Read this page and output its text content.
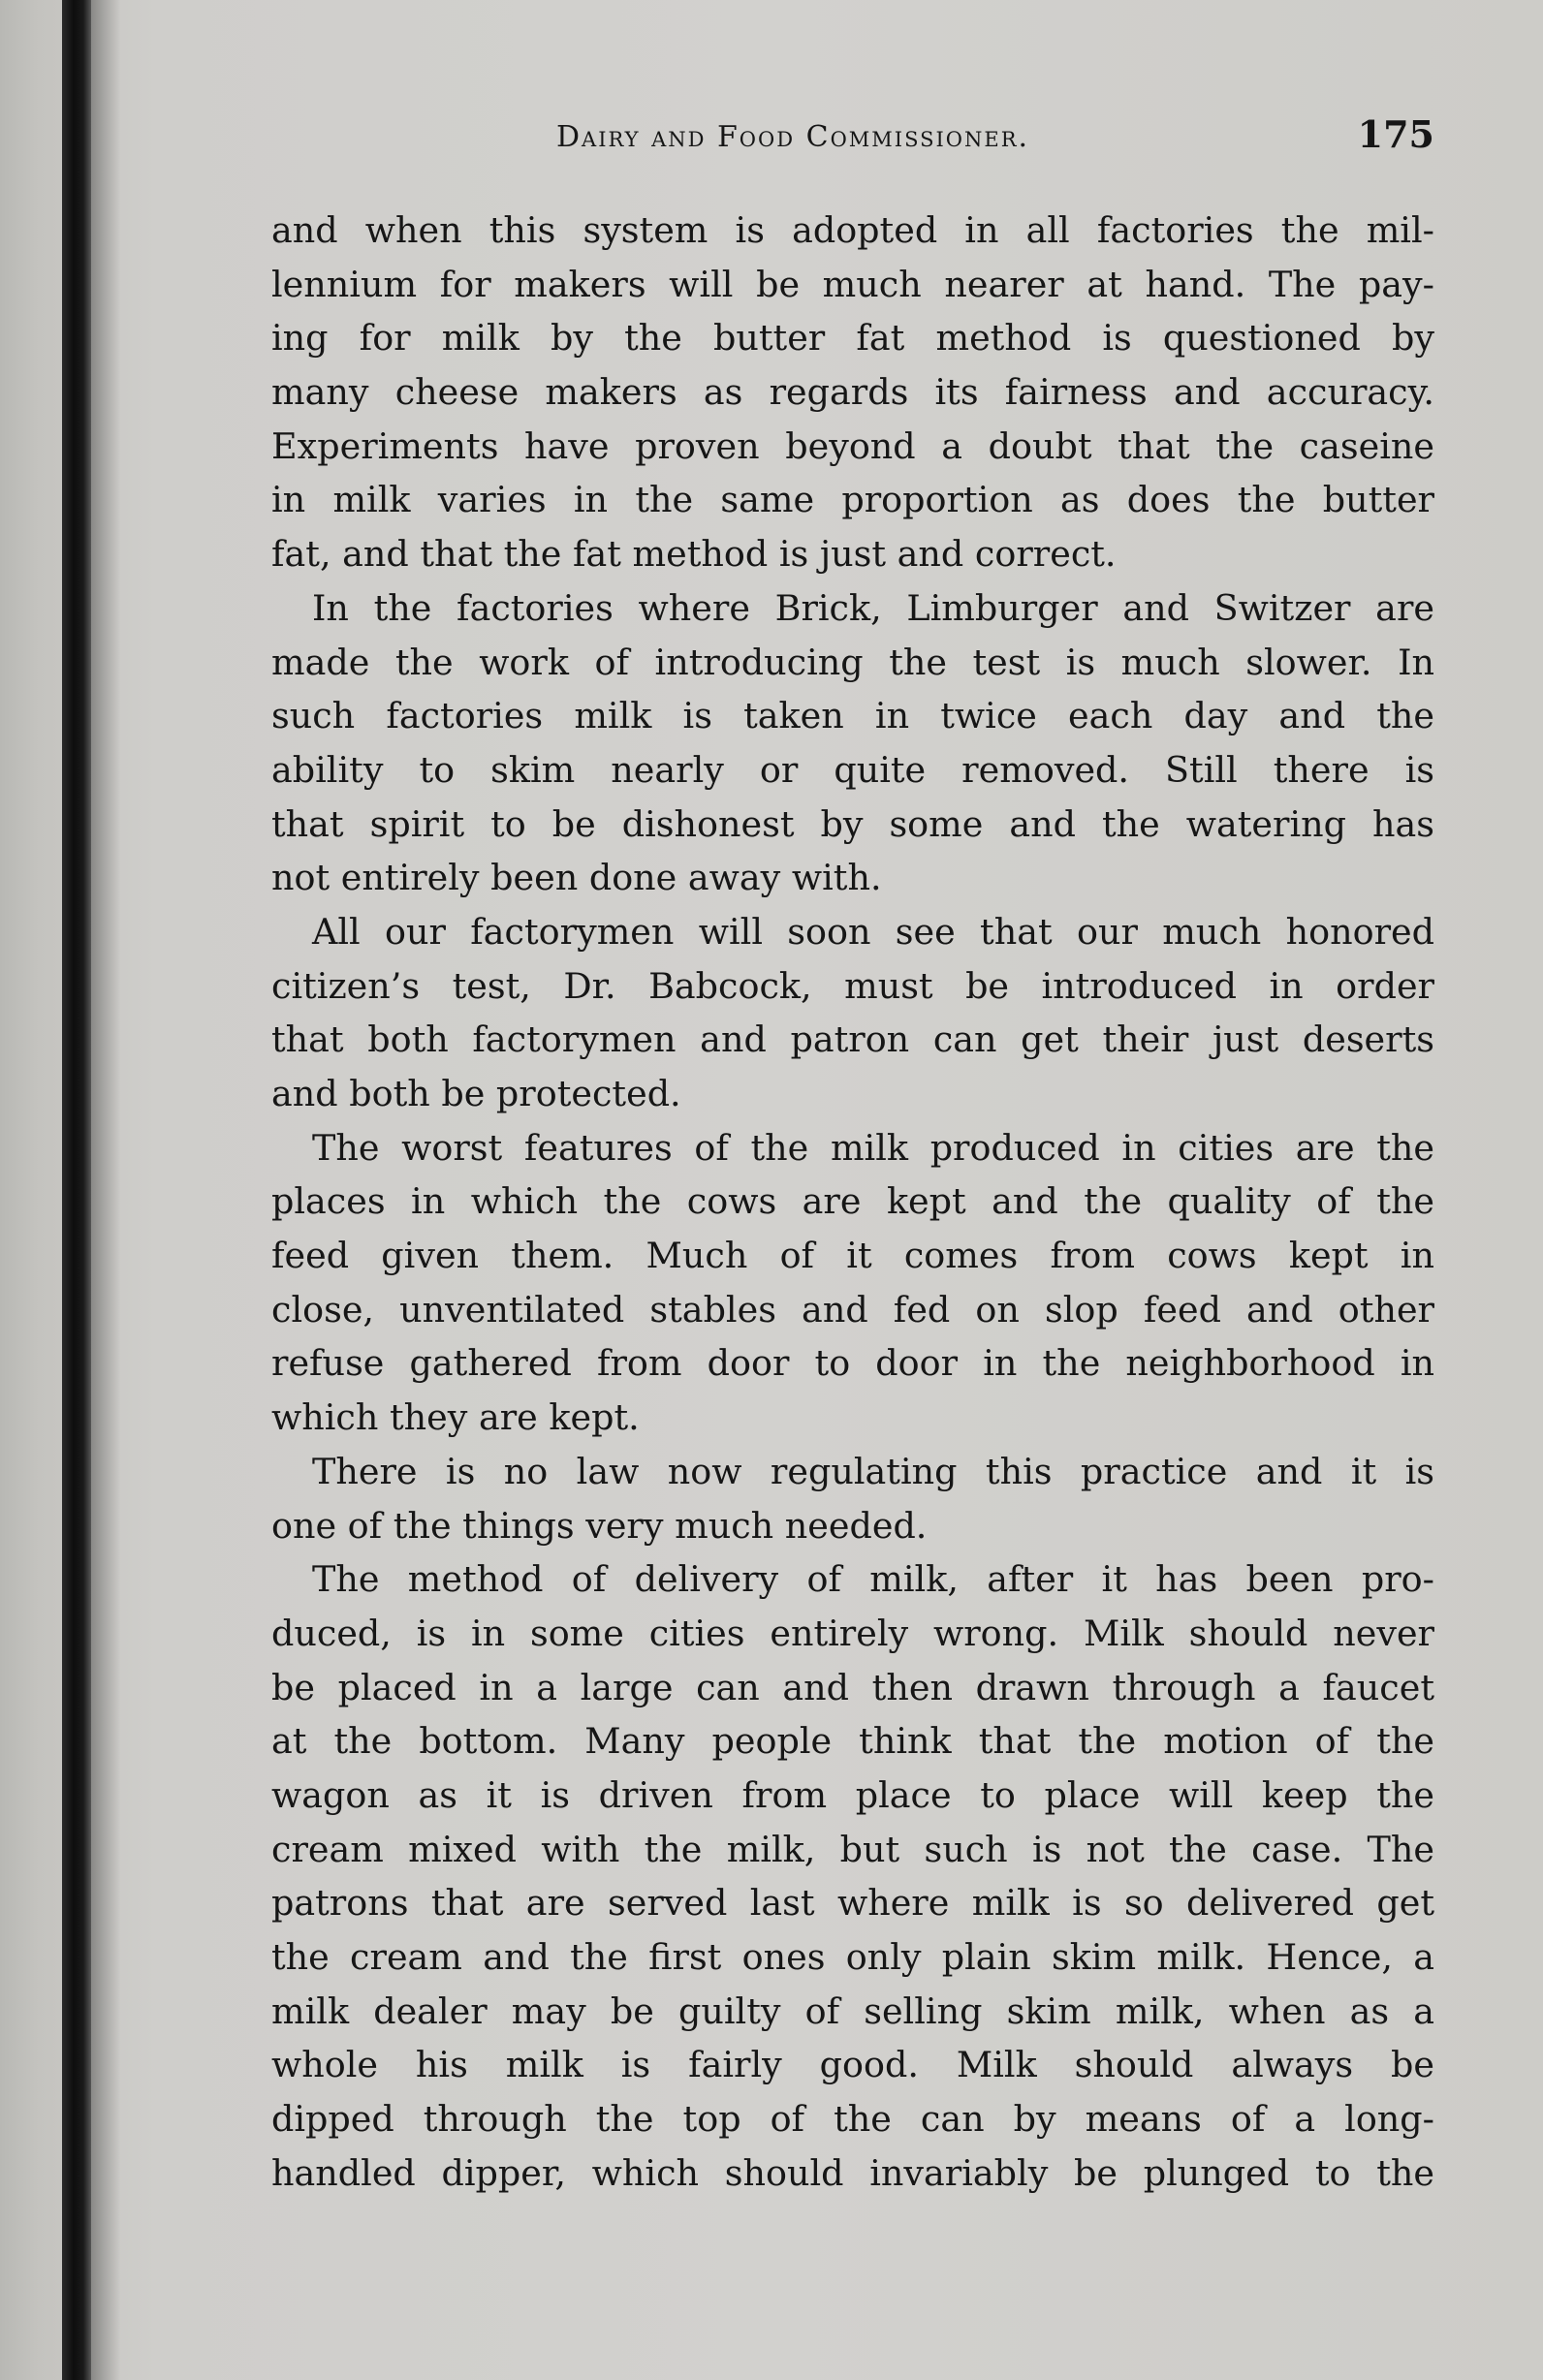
Dairy and Food Commissioner.	175
and when this system is adopted in all factories the mil-
lennium for makers will be much nearer at hand. The pay-
ing for milk by the butter fat method is questioned by
many cheese makers as regards its fairness and accuracy.
Experiments have proven beyond a doubt that the caseine
in milk varies in the same proportion as does the butter
fat, and that the fat method is just and correct.
In the factories where Brick, Limburger and Switzer are
made the work of introducing the test is much slower. In
such factories milk is taken in twice each day and the
ability to skim nearly or quite removed. Still there is
that spirit to be dishonest by some and the watering has
not entirely been done away with.
All our factorymen will soon see that our much honored
citizen’s test, Dr. Babcock, must be introduced in order
that both factorymen and patron can get their just deserts
and both be protected.
The worst features of the milk produced in cities are the
places in which the cows are kept and the quality of the
feed given them. Much of it comes from cows kept in
close, unventilated stables and fed on slop feed and other
refuse gathered from door to door in the neighborhood in
which they are kept.
There is no law now regulating this practice and it is
one of the things very much needed.
The method of delivery of milk, after it has been pro-
duced, is in some cities entirely wrong. Milk should never
be placed in a large can and then drawn through a faucet
at the bottom. Many people think that the motion of the
wagon as it is driven from place to place will keep the
cream mixed with the milk, but such is not the case. The
patrons that are served last where milk is so delivered get
the cream and the first ones only plain skim milk. Hence, a
milk dealer may be guilty of selling skim milk, when as a
whole his milk is fairly good. Milk should always be
dipped through the top of the can by means of a long-
handled dipper, which should invariably be plunged to the
